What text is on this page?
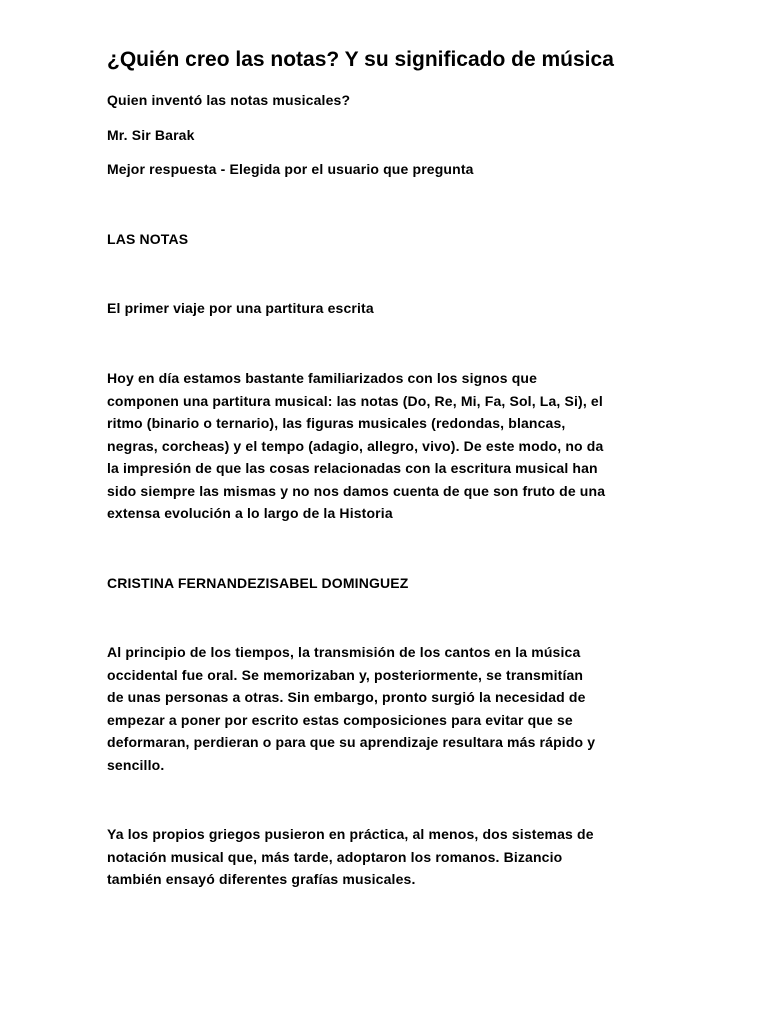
¿Quién creo las notas? Y su significado de música

Quien inventó las notas musicales?

Mr. Sir Barak

Mejor respuesta - Elegida por el usuario que pregunta

LAS NOTAS

El primer viaje por una partitura escrita

Hoy en día estamos bastante familiarizados con los signos que
componen una partitura musical: las notas (Do, Re, Mi, Fa, Sol, La, Si), el
ritmo (binario o ternario), las figuras musicales (redondas, blancas,
negras, corcheas) y el tempo (adagio, allegro, vivo). De este modo, no da
la impresión de que las cosas relacionadas con la escritura musical han
sido siempre las mismas y no nos damos cuenta de que son fruto de una
extensa evolución a lo largo de la Historia

CRISTINA FERNANDEZISABEL DOMINGUEZ

Al principio de los tiempos, la transmisión de los cantos en la música
occidental fue oral. Se memorizaban y, posteriormente, se transmitían
de unas personas a otras. Sin embargo, pronto surgió la necesidad de
empezar a poner por escrito estas composiciones para evitar que se
deformaran, perdieran o para que su aprendizaje resultara más rápido y
sencillo.
Ya los propios griegos pusieron en práctica, al menos, dos sistemas de
notación musical que, más tarde, adoptaron los romanos. Bizancio
también ensayó diferentes grafías musicales.
